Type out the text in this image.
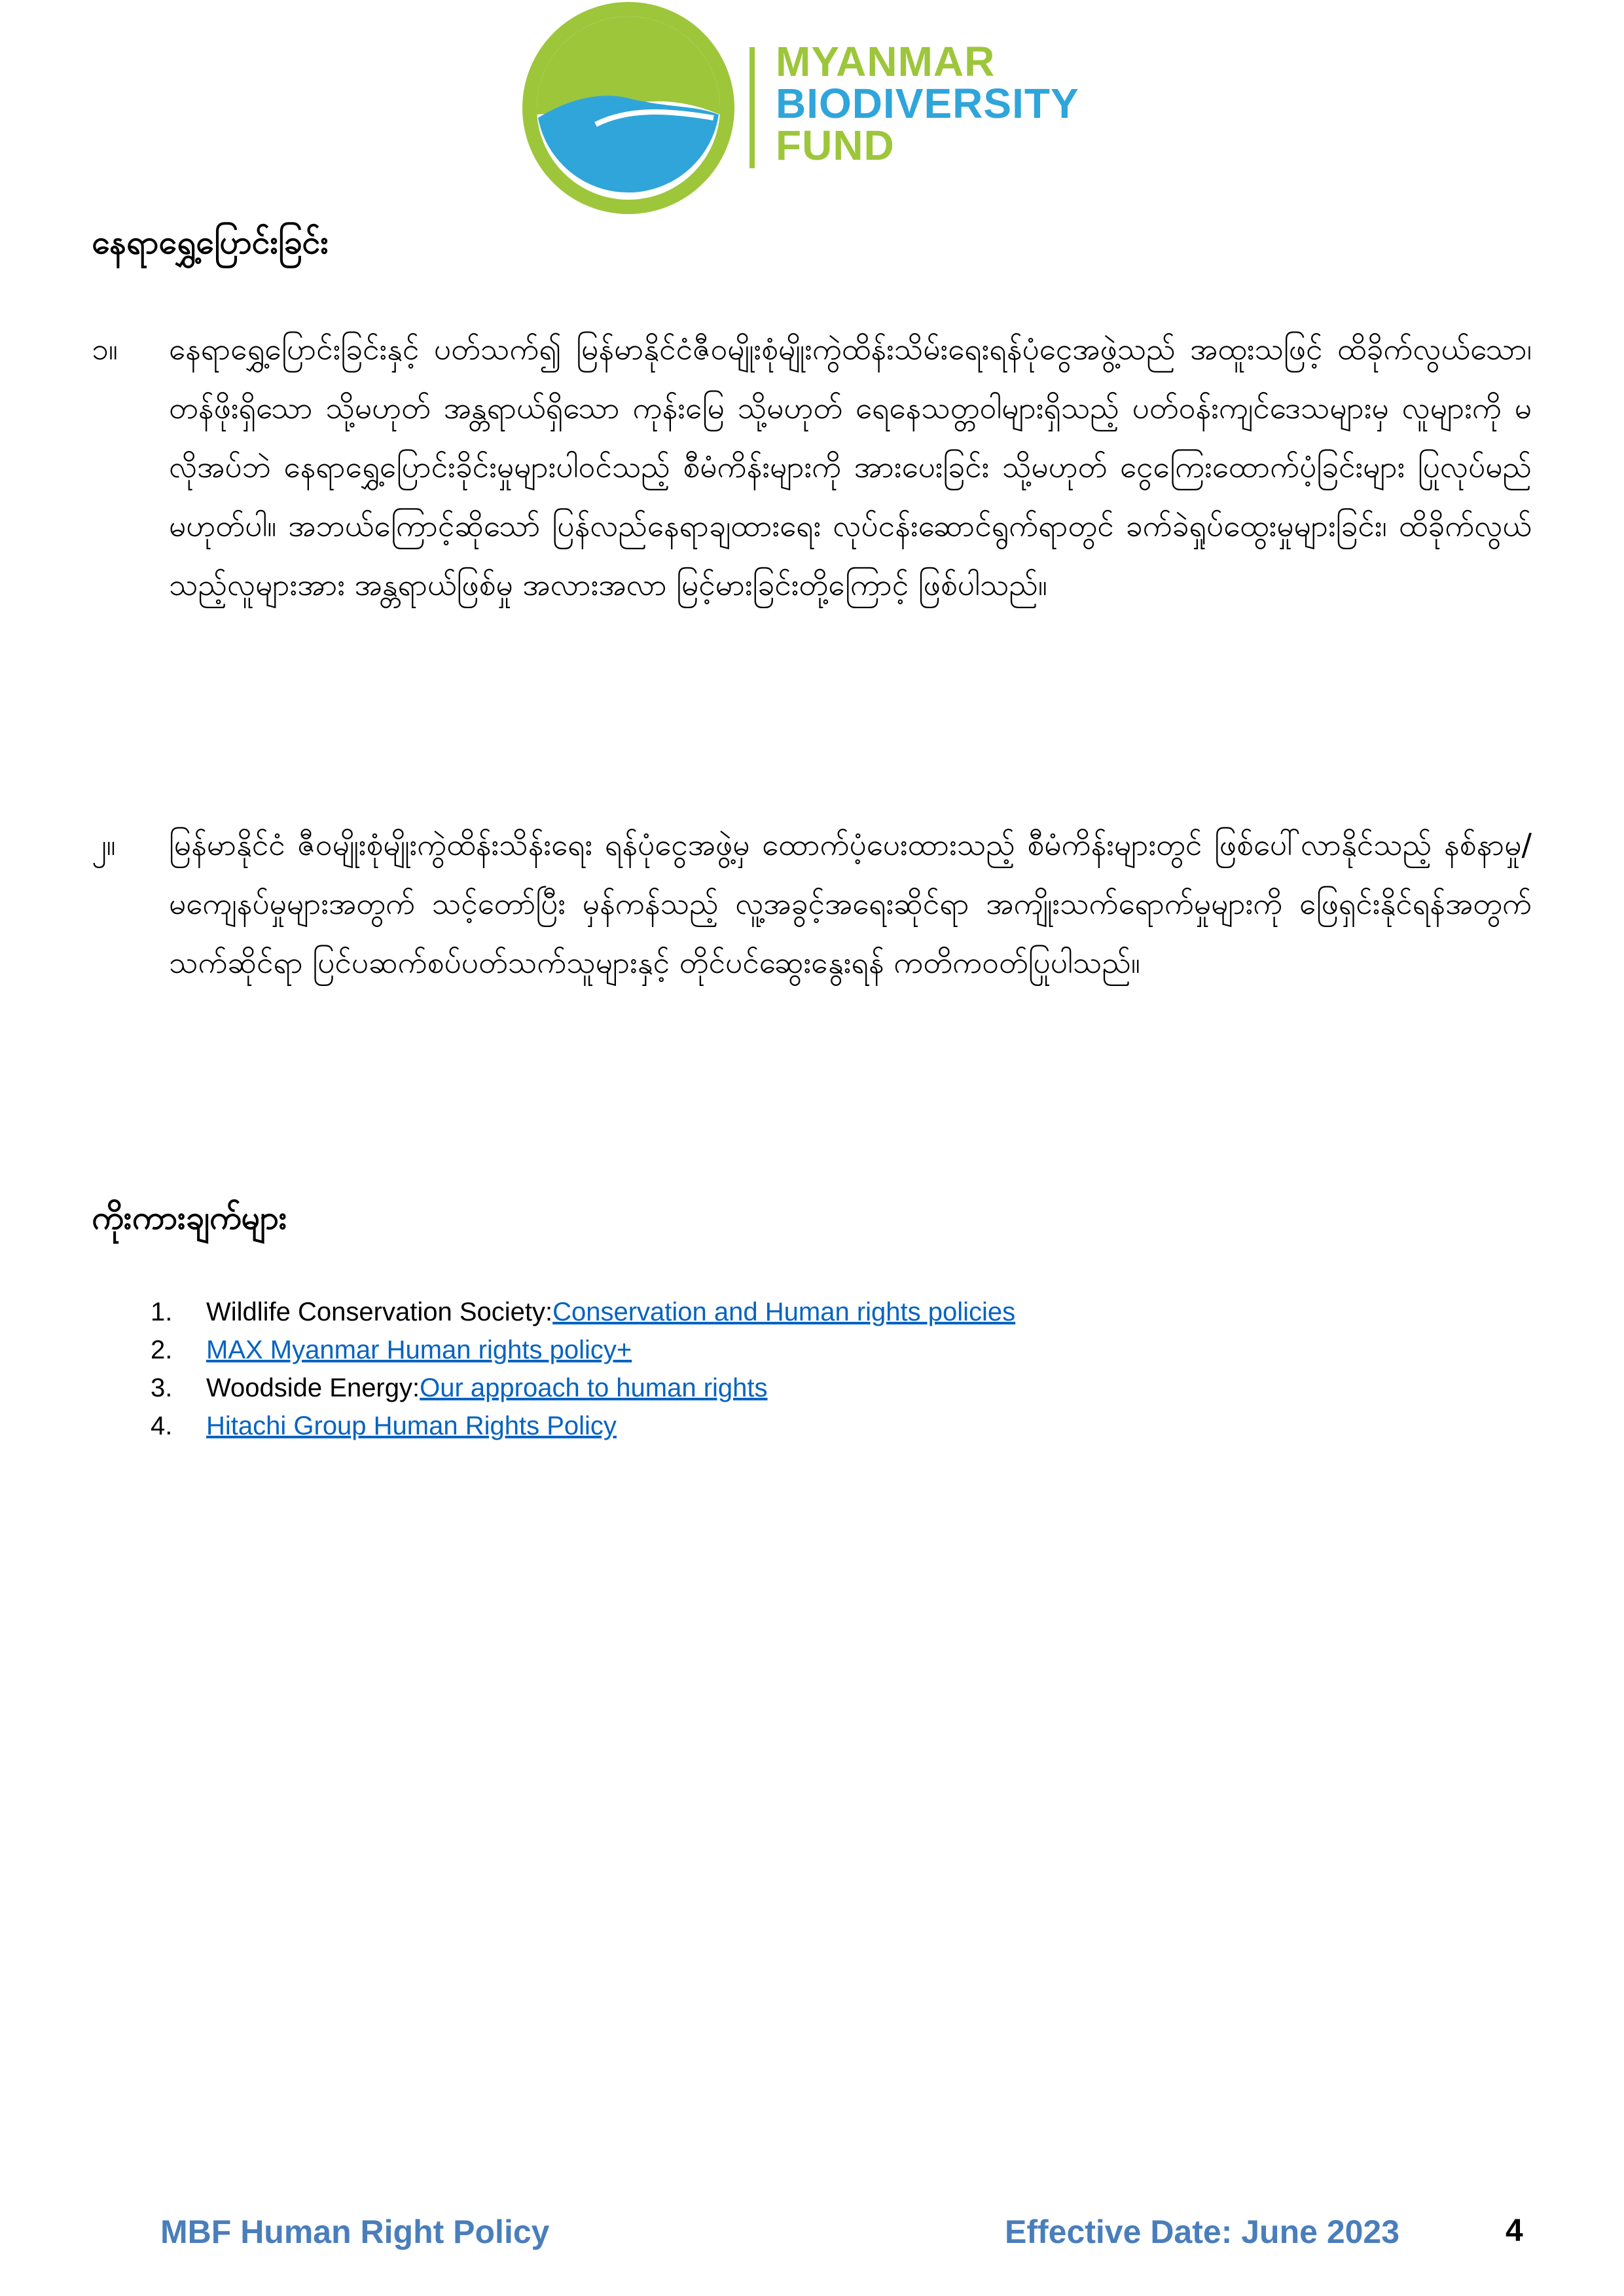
MYANMAR
BIODIVERSITY
FUND
နေရာရွှေ့ပြောင်းခြင်း
၁။	နေရာရွှေ့ပြောင်းခြင်းနှင့် ပတ်သက်၍ မြန်မာနိုင်ငံဇီဝမျိုးစုံမျိုးကွဲထိန်းသိမ်းရေးရန်ပုံငွေအဖွဲ့သည် အထူးသဖြင့် ထိခိုက်လွယ်သော၊ တန်ဖိုးရှိသော သို့မဟုတ် အန္တရာယ်ရှိသော ကုန်းမြေ သို့မဟုတ် ရေနေသတ္တဝါများရှိသည့် ပတ်ဝန်းကျင်ဒေသများမှ လူများကို မလိုအပ်ဘဲ နေရာရွှေ့ပြောင်းခိုင်းမှုများပါဝင်သည့် စီမံကိန်းများကို အားပေးခြင်း သို့မဟုတ် ငွေကြေးထောက်ပံ့ခြင်းများ ပြုလုပ်မည်မဟုတ်ပါ။ အဘယ်ကြောင့်ဆိုသော် ပြန်လည်နေရာချထားရေး လုပ်ငန်းဆောင်ရွက်ရာတွင် ခက်ခဲရှုပ်ထွေးမှုများခြင်း၊ ထိခိုက်လွယ်သည့်လူများအား အန္တရာယ်ဖြစ်မှု အလားအလာ မြင့်မားခြင်းတို့ကြောင့် ဖြစ်ပါသည်။
၂။	မြန်မာနိုင်ငံ ဇီဝမျိုးစုံမျိုးကွဲထိန်းသိန်းရေး ရန်ပုံငွေအဖွဲ့မှ ထောက်ပံ့ပေးထားသည့် စီမံကိန်းများတွင် ဖြစ်ပေါ်လာနိုင်သည့် နစ်နာမှု/မကျေနပ်မှုများအတွက် သင့်တော်ပြီး မှန်ကန်သည့် လူ့အခွင့်အရေးဆိုင်ရာ အကျိုးသက်ရောက်မှုများကို ဖြေရှင်းနိုင်ရန်အတွက် သက်ဆိုင်ရာ ပြင်ပဆက်စပ်ပတ်သက်သူများနှင့် တိုင်ပင်ဆွေးနွေးရန် ကတိကဝတ်ပြုပါသည်။
ကိုးကားချက်များ
1.	Wildlife Conservation Society: Conservation and Human rights policies
2.	MAX Myanmar Human rights policy+
3.	Woodside Energy: Our approach to human rights
4.	Hitachi Group Human Rights Policy
MBF Human Right Policy	Effective Date: June 2023	4
